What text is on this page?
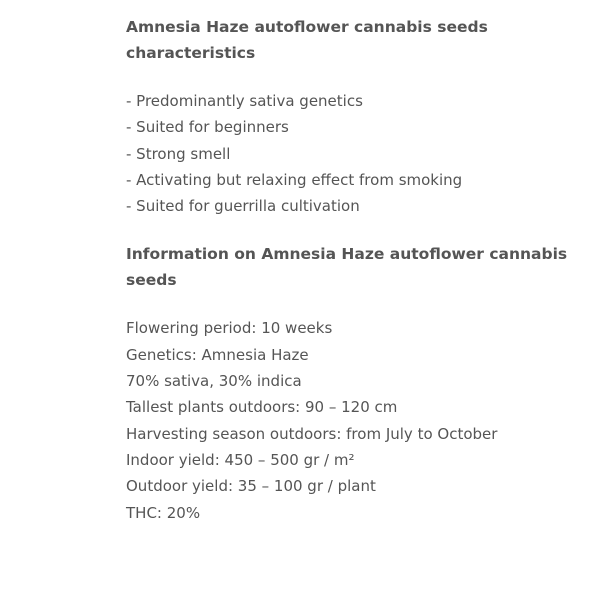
Amnesia Haze autoflower cannabis seeds characteristics
- Predominantly sativa genetics
- Suited for beginners
- Strong smell
- Activating but relaxing effect from smoking
- Suited for guerrilla cultivation
Information on Amnesia Haze autoflower cannabis seeds
Flowering period: 10 weeks
Genetics: Amnesia Haze
70% sativa, 30% indica
Tallest plants outdoors: 90 – 120 cm
Harvesting season outdoors: from July to October
Indoor yield: 450 – 500 gr / m²
Outdoor yield: 35 – 100 gr / plant
THC: 20%
